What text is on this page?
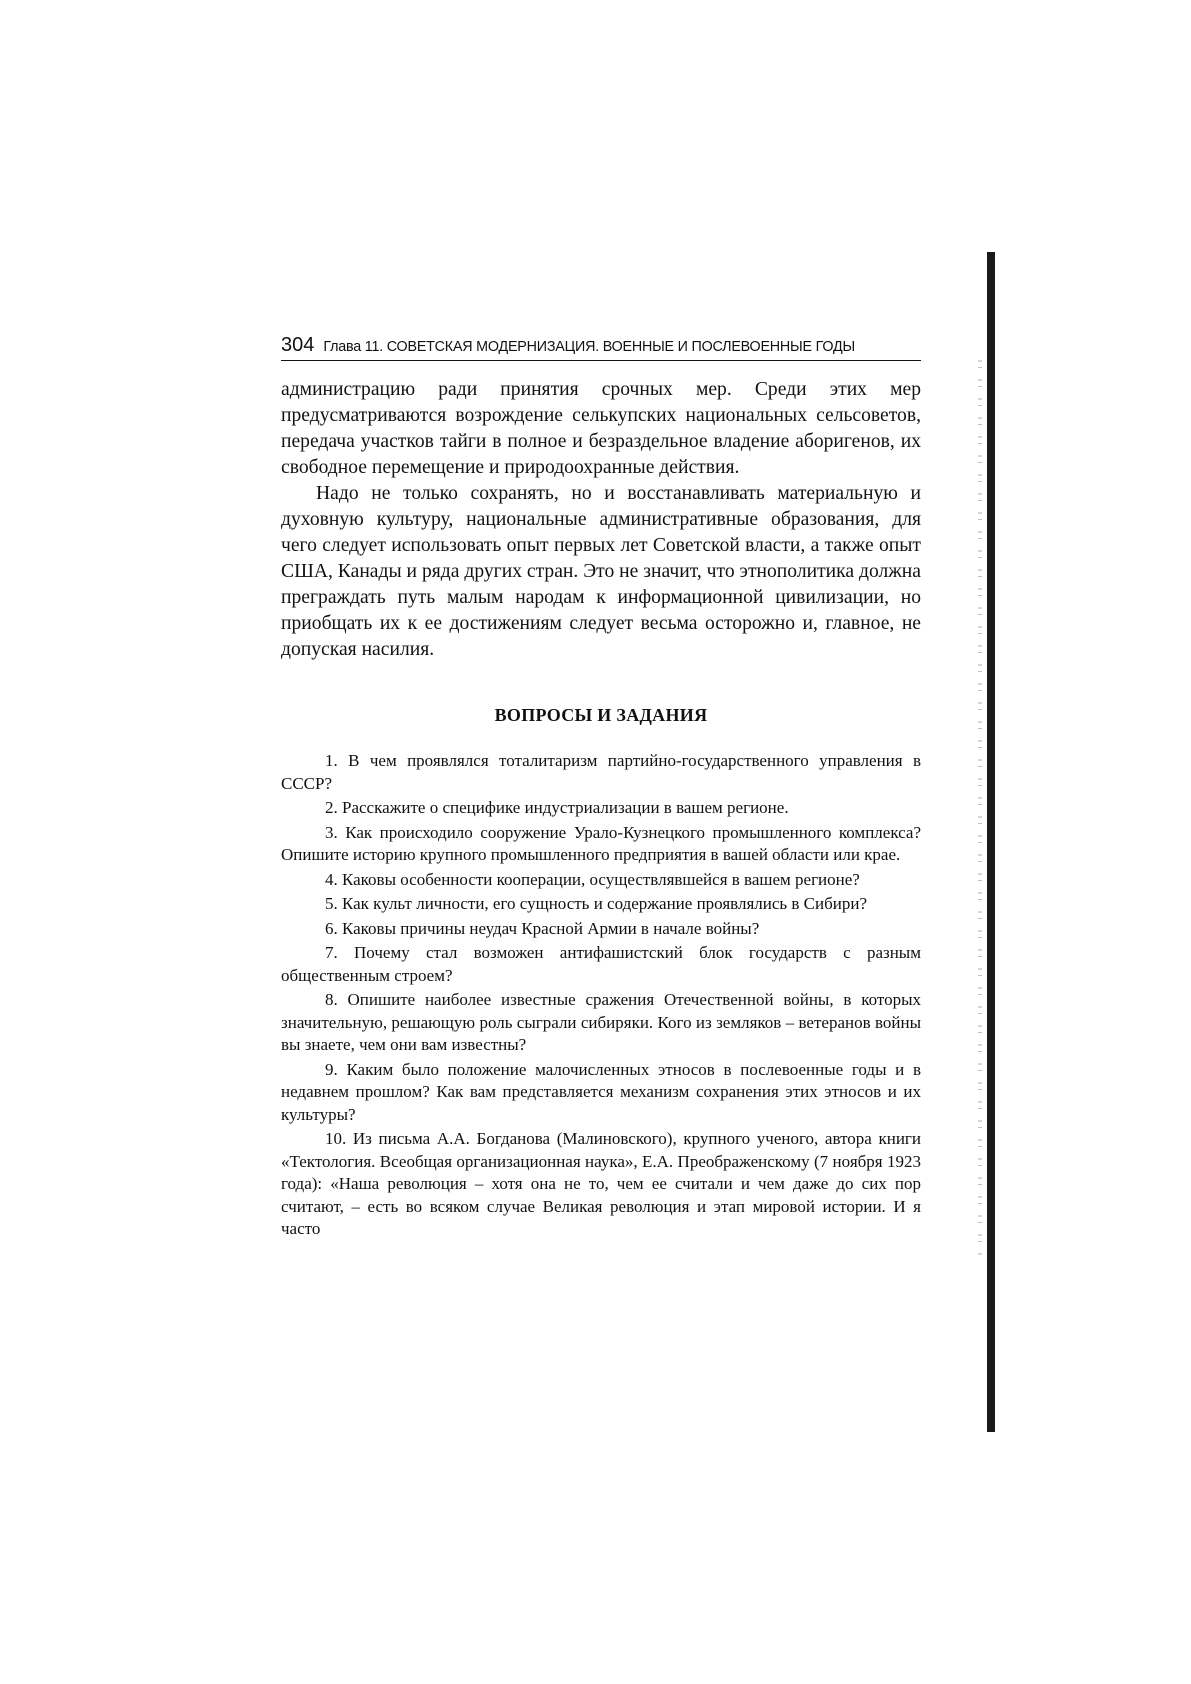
304 Глава 11. СОВЕТСКАЯ МОДЕРНИЗАЦИЯ. ВОЕННЫЕ И ПОСЛЕВОЕННЫЕ ГОДЫ

администрацию ради принятия срочных мер. Среди этих мер предусматриваются возрождение селькупских национальных сельсоветов, передача участков тайги в полное и безраздельное владение аборигенов, их свободное перемещение и природоохранные действия.

Надо не только сохранять, но и восстанавливать материальную и духовную культуру, национальные административные образования, для чего следует использовать опыт первых лет Советской власти, а также опыт США, Канады и ряда других стран. Это не значит, что этнополитика должна преграждать путь малым народам к информационной цивилизации, но приобщать их к ее достижениям следует весьма осторожно и, главное, не допуская насилия.

ВОПРОСЫ И ЗАДАНИЯ

1. В чем проявлялся тоталитаризм партийно-государственного управления в СССР?

2. Расскажите о специфике индустриализации в вашем регионе.

3. Как происходило сооружение Урало-Кузнецкого промышленного комплекса? Опишите историю крупного промышленного предприятия в вашей области или крае.

4. Каковы особенности кооперации, осуществлявшейся в вашем регионе?

5. Как культ личности, его сущность и содержание проявлялись в Сибири?

6. Каковы причины неудач Красной Армии в начале войны?

7. Почему стал возможен антифашистский блок государств с разным общественным строем?

8. Опишите наиболее известные сражения Отечественной войны, в которых значительную, решающую роль сыграли сибиряки. Кого из земляков – ветеранов войны вы знаете, чем они вам известны?

9. Каким было положение малочисленных этносов в послевоенные годы и в недавнем прошлом? Как вам представляется механизм сохранения этих этносов и их культуры?

10. Из письма А.А. Богданова (Малиновского), крупного ученого, автора книги «Тектология. Всеобщая организационная наука», Е.А. Преображенскому (7 ноября 1923 года): «Наша революция – хотя она не то, чем ее считали и чем даже до сих пор считают, – есть во всяком случае Великая революция и этап мировой истории. И я часто
